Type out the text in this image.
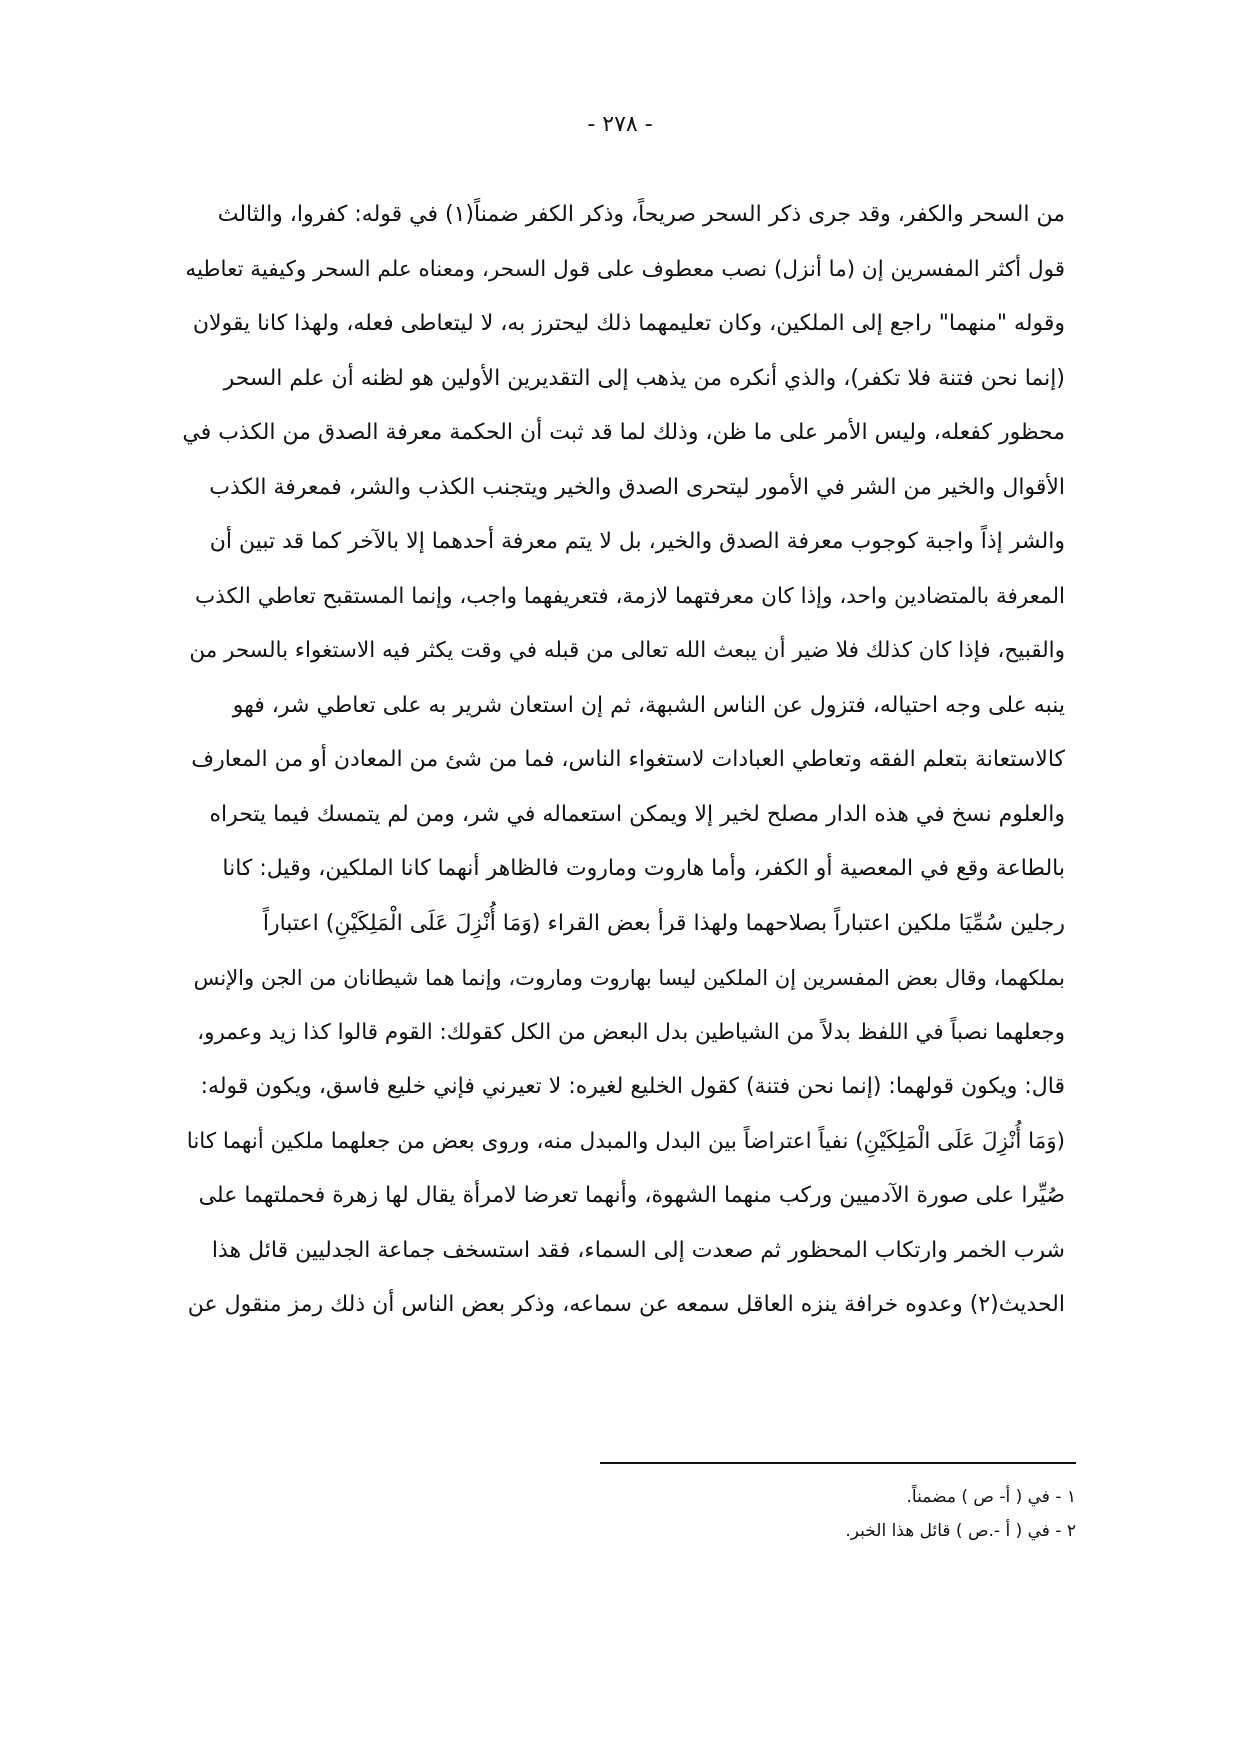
- ٢٧٨ -
من السحر والكفر، وقد جرى ذكر السحر صريحاً، وذكر الكفر ضمناً(١) في قوله: كفروا، والثالث
قول أكثر المفسرين إن (ما أنزل) نصب معطوف على قول السحر، ومعناه علم السحر وكيفية تعاطيه
وقوله "منهما" راجع إلى الملكين، وكان تعليمهما ذلك ليحترز به، لا ليتعاطى فعله، ولهذا كانا يقولان
(إنما نحن فتنة فلا تكفر)، والذي أنكره من يذهب إلى التقديرين الأولين هو لظنه أن علم السحر
محظور كفعله، وليس الأمر على ما ظن، وذلك لما قد ثبت أن الحكمة معرفة الصدق من الكذب في
الأقوال والخير من الشر في الأمور ليتحرى الصدق والخير ويتجنب الكذب والشر، فمعرفة الكذب
والشر إذاً واجبة كوجوب معرفة الصدق والخير، بل لا يتم معرفة أحدهما إلا بالآخر كما قد تبين أن
المعرفة بالمتضادين واحد، وإذا كان معرفتهما لازمة، فتعريفهما واجب، وإنما المستقبح تعاطي الكذب
والقبيح، فإذا كان كذلك فلا ضير أن يبعث الله تعالى من قبله في وقت يكثر فيه الاستغواء بالسحر من
ينبه على وجه احتياله، فتزول عن الناس الشبهة، ثم إن استعان شرير به على تعاطي شر، فهو
كالاستعانة بتعلم الفقه وتعاطي العبادات لاستغواء الناس، فما من شئ من المعادن أو من المعارف
والعلوم نسخ في هذه الدار مصلح لخير إلا ويمكن استعماله في شر، ومن لم يتمسك فيما يتحراه
بالطاعة وقع في المعصية أو الكفر، وأما هاروت وماروت فالظاهر أنهما كانا الملكين، وقيل: كانا
رجلين سُمِّيَا ملكين اعتباراً بصلاحهما ولهذا قرأ بعض القراء (وَمَا أُنْزِلَ عَلَى الْمَلِكَيْنِ) اعتباراً
بملكهما، وقال بعض المفسرين إن الملكين ليسا بهاروت وماروت، وإنما هما شيطانان من الجن والإنس
وجعلهما نصباً في اللفظ بدلاً من الشياطين بدل البعض من الكل كقولك: القوم قالوا كذا زيد وعمرو،
قال: ويكون قولهما: (إنما نحن فتنة) كقول الخليع لغيره: لا تعيرني فإني خليع فاسق، ويكون قوله:
(وَمَا أُنْزِلَ عَلَى الْمَلِكَيْنِ) نفياً اعتراضاً بين البدل والمبدل منه، وروى بعض من جعلهما ملكين أنهما كانا
صُيِّرا على صورة الآدميين وركب منهما الشهوة، وأنهما تعرضا لامرأة يقال لها زهرة فحملتهما على
شرب الخمر وارتكاب المحظور ثم صعدت إلى السماء، فقد استسخف جماعة الجدليين قائل هذا
الحديث(٢) وعدوه خرافة ينزه العاقل سمعه عن سماعه، وذكر بعض الناس أن ذلك رمز منقول عن
١ - في ( أ- ص ) مضمناً.
٢ - في ( أ -.ص ) قائل هذا الخبر.
